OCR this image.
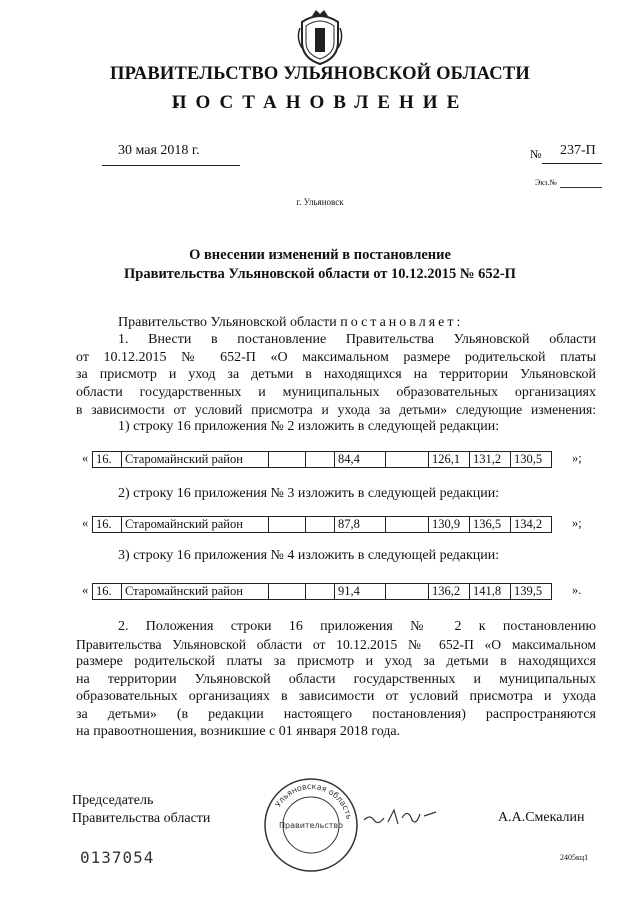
ПРАВИТЕЛЬСТВО УЛЬЯНОВСКОЙ ОБЛАСТИ
ПОСТАНОВЛЕНИЕ
30 мая 2018 г.	№ 237-П
Экз.№
г. Ульяновск
О внесении изменений в постановление
Правительства Ульяновской области от 10.12.2015 № 652-П
Правительство Ульяновской области постановляет:
1. Внести в постановление Правительства Ульяновской области
от 10.12.2015 № 652-П «О максимальном размере родительской платы
за присмотр и уход за детьми в находящихся на территории Ульяновской
области государственных и муниципальных образовательных организациях
в зависимости от условий присмотра и ухода за детьми» следующие изменения:
1) строку 16 приложения № 2 изложить в следующей редакции:
« 16.	Старомайнский район			84,4		126,1	131,2	130,5 »;
2) строку 16 приложения № 3 изложить в следующей редакции:
« 16.	Старомайнский район			87,8		130,9	136,5	134,2 »;
3) строку 16 приложения № 4 изложить в следующей редакции:
« 16.	Старомайнский район			91,4		136,2	141,8	139,5 ».
2. Положения строки 16 приложения № 2 к постановлению
Правительства Ульяновской области от 10.12.2015 № 652-П «О максимальном
размере родительской платы за присмотр и уход за детьми в находящихся
на территории Ульяновской области государственных и муниципальных
образовательных организациях в зависимости от условий присмотра и ухода
за детьми» (в редакции настоящего постановления) распространяются
на правоотношения, возникшие с 01 января 2018 года.
Председатель
Правительства области
Ульяновская область
Правительство
А.А.Смекалин
0137054	2405кц1
